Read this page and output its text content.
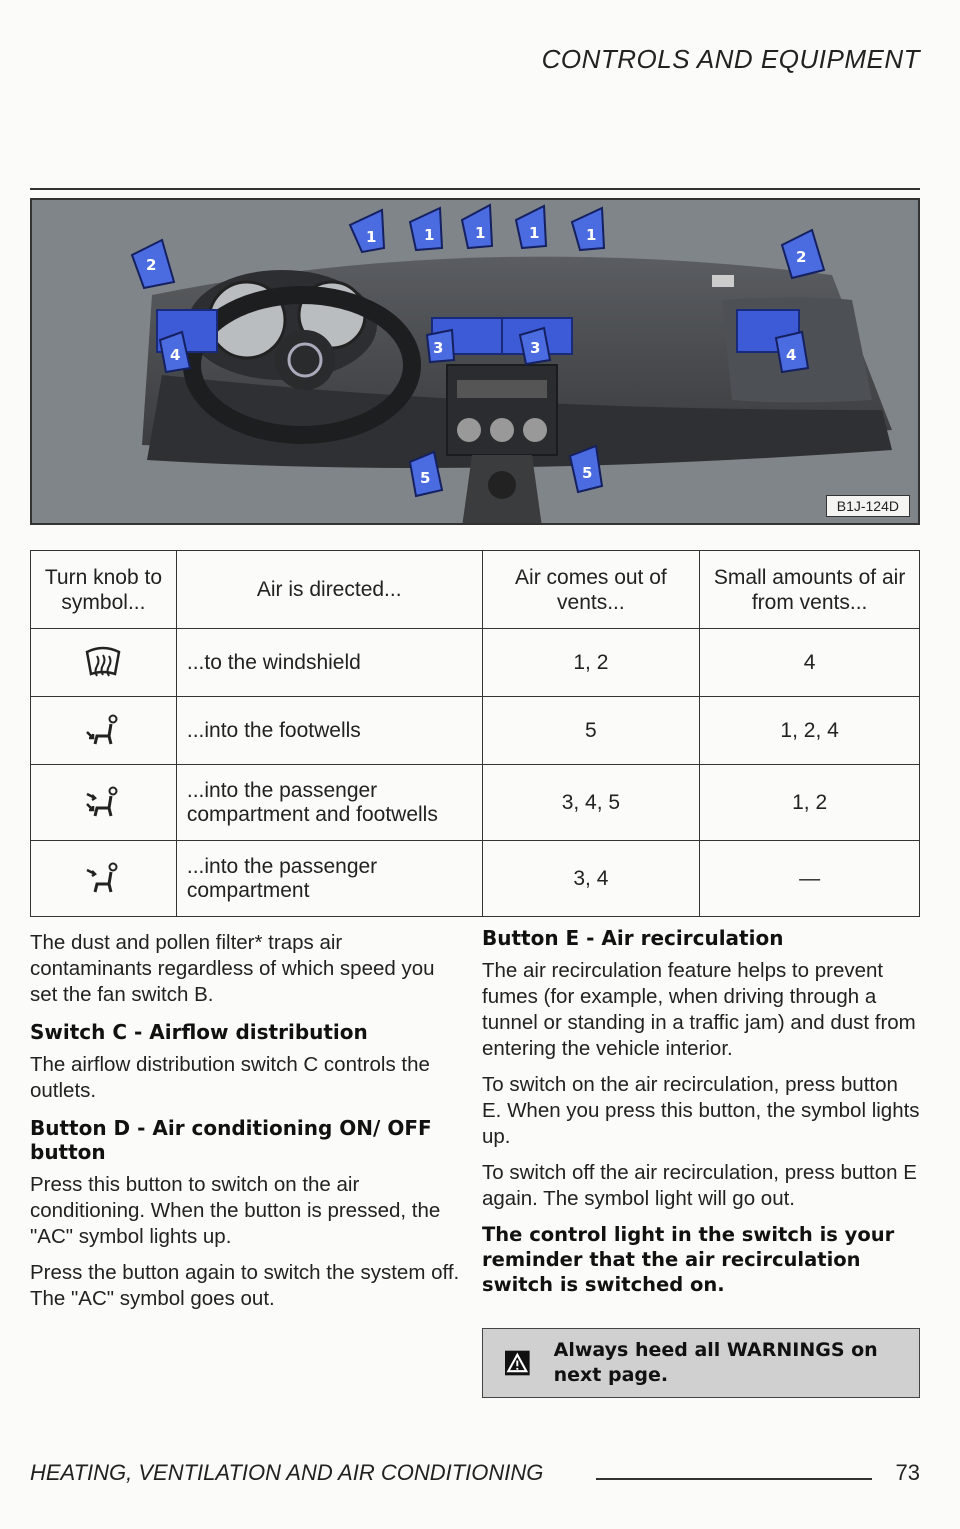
CONTROLS AND EQUIPMENT
1	1	1	1	1
2	2
3	3
4	4
5	5
B1J-124D
Turn knob to symbol...	Air is directed...	Air comes out of vents...	Small amounts of air from vents...

	...to the windshield	1, 2	4

	...into the footwells	5	1, 2, 4

	...into the passenger compartment and footwells	3, 4, 5	1, 2

	...into the passenger compartment	3, 4	—

The dust and pollen filter* traps air contaminants regardless of which speed you set the fan switch B.

Switch C - Airflow distribution

The airflow distribution switch C controls the outlets.

Button D - Air conditioning ON/ OFF button

Press this button to switch on the air conditioning. When the button is pressed, the "AC" symbol lights up.

Press the button again to switch the system off. The "AC" symbol goes out.

Button E - Air recirculation

The air recirculation feature helps to prevent fumes (for example, when driving through a tunnel or standing in a traffic jam) and dust from entering the vehicle interior.

To switch on the air recirculation, press button E. When you press this button, the symbol lights up.

To switch off the air recirculation, press button E again. The symbol light will go out.

The control light in the switch is your reminder that the air recirculation switch is switched on.

Always heed all WARNINGS on next page.
HEATING, VENTILATION AND AIR CONDITIONING	73
